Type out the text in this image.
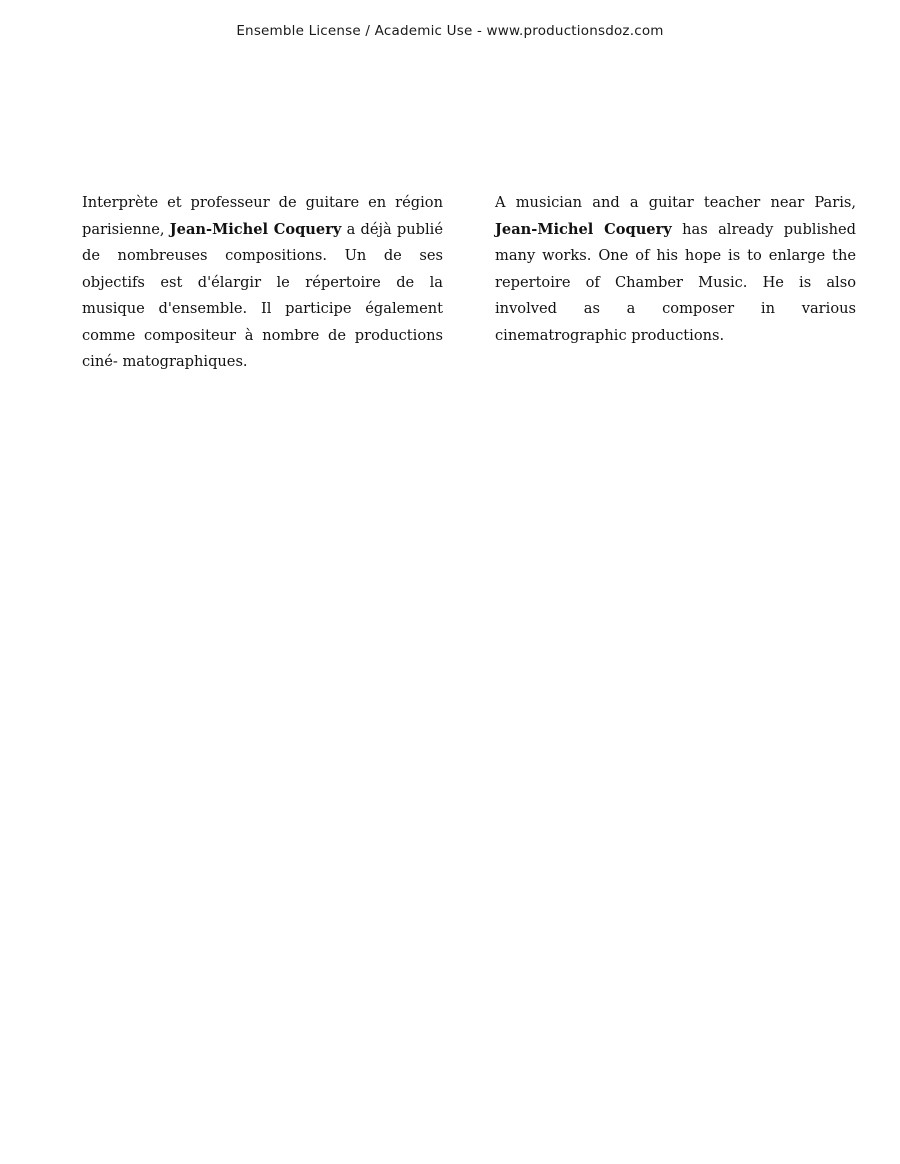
Ensemble License / Academic Use - www.productionsdoz.com

Interprète et professeur de guitare en région parisienne, Jean-Michel Coquery a déjà publié de nombreuses compositions. Un de ses objectifs est d'élargir le répertoire de la musique d'ensemble. Il participe également comme compositeur à nombre de productions ciné- matographiques.

A musician and a guitar teacher near Paris, Jean-Michel Coquery has already published many works. One of his hope is to enlarge the repertoire of Chamber Music. He is also involved as a composer in various cinematrographic productions.
